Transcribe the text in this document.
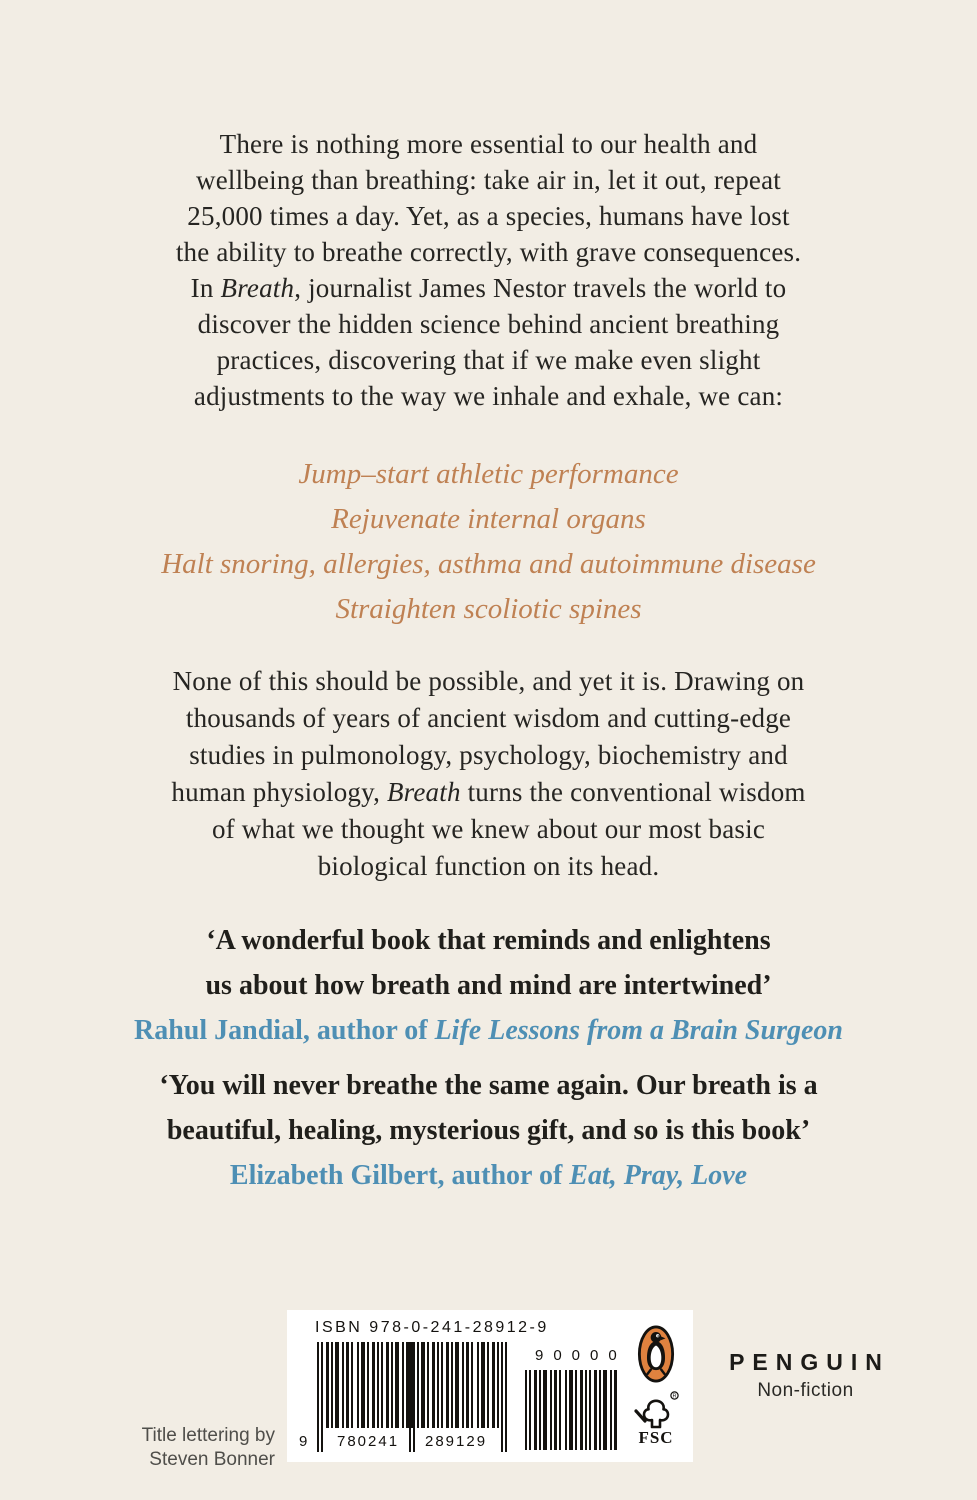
There is nothing more essential to our health and
wellbeing than breathing: take air in, let it out, repeat
25,000 times a day. Yet, as a species, humans have lost
the ability to breathe correctly, with grave consequences.
In Breath, journalist James Nestor travels the world to
discover the hidden science behind ancient breathing
practices, discovering that if we make even slight
adjustments to the way we inhale and exhale, we can:
Jump–start athletic performance
Rejuvenate internal organs
Halt snoring, allergies, asthma and autoimmune disease
Straighten scoliotic spines
None of this should be possible, and yet it is. Drawing on
thousands of years of ancient wisdom and cutting-edge
studies in pulmonology, psychology, biochemistry and
human physiology, Breath turns the conventional wisdom
of what we thought we knew about our most basic
biological function on its head.
‘A wonderful book that reminds and enlightens
us about how breath and mind are intertwined’
Rahul Jandial, author of Life Lessons from a Brain Surgeon
‘You will never breathe the same again. Our breath is a
beautiful, healing, mysterious gift, and so is this book’
Elizabeth Gilbert, author of Eat, Pray, Love
Title lettering by
Steven Bonner
ISBN 978-0-241-28912-9
9 780241 289129
90000
R
FSC
PENGUIN
Non-fiction
